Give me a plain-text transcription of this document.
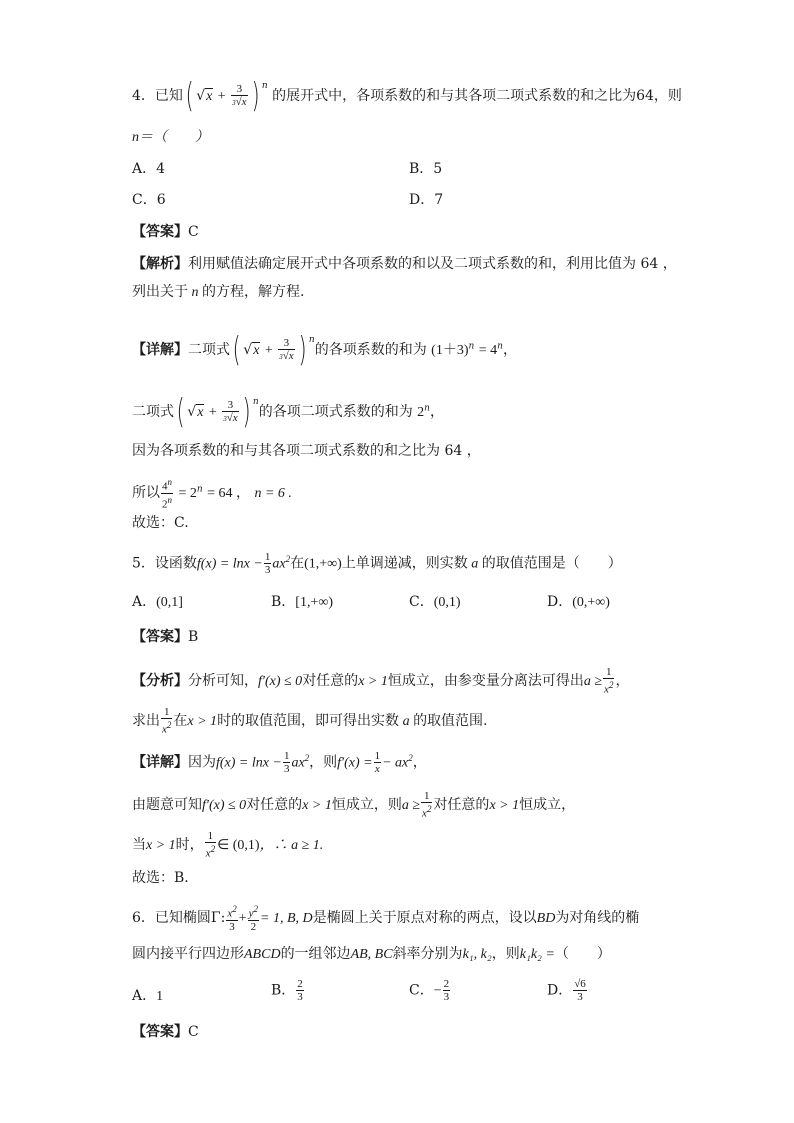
4．已知( $√x + \frac{3}{3√x}$ ) $^n$ 的展开式中，各项系数的和与其各项二项式系数的和之比为64，则
n＝（　　）
A．4	B．5
C．6	D．7
【答案】C
【解析】利用赋值法确定展开式中各项系数的和以及二项式系数的和，利用比值为 64 ，
列出关于 n 的方程，解方程.
【详解】二项式( $√x + \frac{3}{3√x}$ ) $^n$的各项系数的和为 $(1+3)^n = 4^n$，
二项式( $√x + \frac{3}{3√x}$ ) $^n$的各项二项式系数的和为 2$^n$，
因为各项系数的和与其各项二项式系数的和之比为 64 ，
所以 $\frac{4^n}{2^n} = 2^n = 64$ ， n = 6 .
故选：C.
5．设函数$f(x) = \ln x - \frac{1}{3} ax^2$在(1,+∞)上单调递减，则实数 a 的取值范围是（　　）
A．(0,1]	B．[1,+∞)	C．(0,1)	D．(0,+∞)
【答案】B
【分析】分析可知，f′(x) ≤ 0对任意的x > 1恒成立，由参变量分离法可得出$a \ge \frac{1}{x^2}$ ，
求出 $\frac{1}{x^2}$ 在x > 1时的取值范围，即可得出实数 a 的取值范围.
【详解】因为$f(x) = \ln x - \frac{1}{3} ax^2$，则$f'(x) = \frac{1}{x} - ax^2$，
由题意可知f′(x) ≤ 0对任意的x > 1恒成立，则$a \ge \frac{1}{x^2}$ 对任意的x > 1恒成立，
当x > 1时， $\frac{1}{x^2}$ ∈ (0,1)，∴ a ≥ 1.
故选：B.
6．已知椭圆Γ: $\frac{x^2}{3} + \frac{y^2}{2} = 1$, B, D是椭圆上关于原点对称的两点，设以BD为对角线的椭
圆内接平行四边形ABCD的一组邻边AB, BC斜率分别为k₁, k₂，则k₁k₂ =（　　）
A．1	B． $\frac{2}{3}$	C．− $\frac{2}{3}$	D． $\frac{√6}{3}$
【答案】C
